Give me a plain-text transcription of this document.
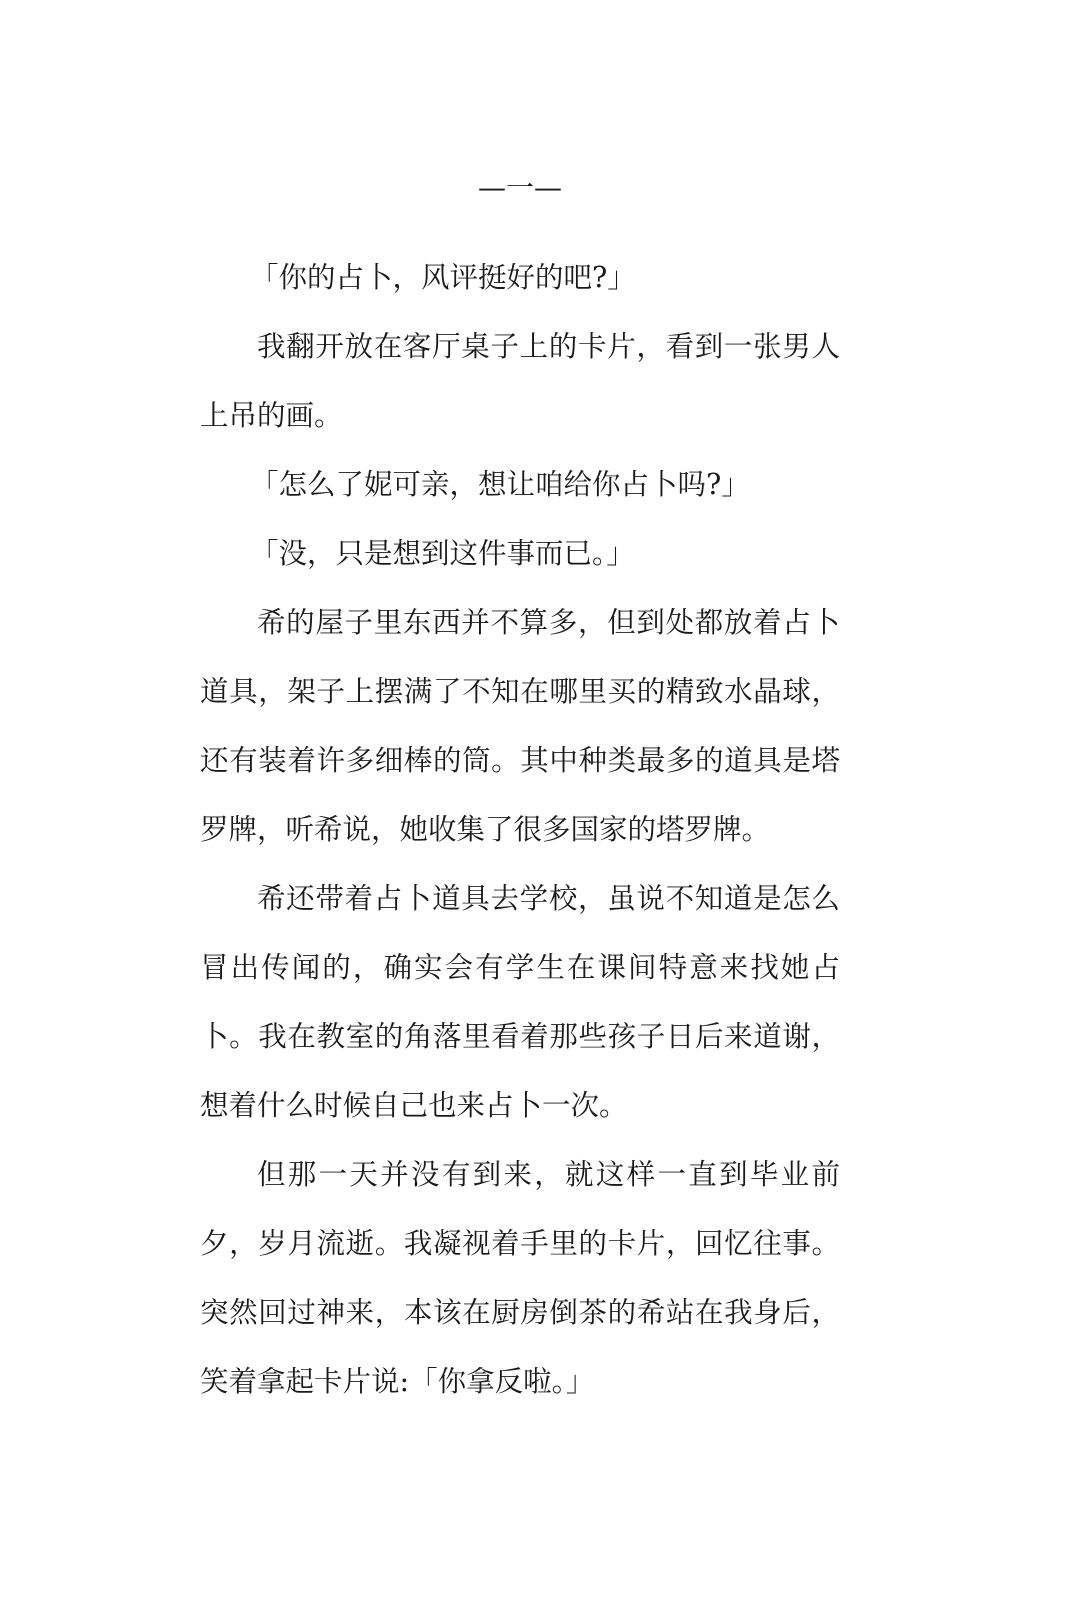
—一—

「你的占卜，风评挺好的吧?」

我翻开放在客厅桌子上的卡片，看到一张男人上吊的画。

「怎么了妮可亲，想让咱给你占卜吗?」

「没，只是想到这件事而已。」

希的屋子里东西并不算多，但到处都放着占卜道具，架子上摆满了不知在哪里买的精致水晶球，还有装着许多细棒的筒。其中种类最多的道具是塔罗牌，听希说，她收集了很多国家的塔罗牌。

希还带着占卜道具去学校，虽说不知道是怎么冒出传闻的，确实会有学生在课间特意来找她占卜。我在教室的角落里看着那些孩子日后来道谢，想着什么时候自己也来占卜一次。

但那一天并没有到来，就这样一直到毕业前夕，岁月流逝。我凝视着手里的卡片，回忆往事。突然回过神来，本该在厨房倒茶的希站在我身后，笑着拿起卡片说:「你拿反啦。」
